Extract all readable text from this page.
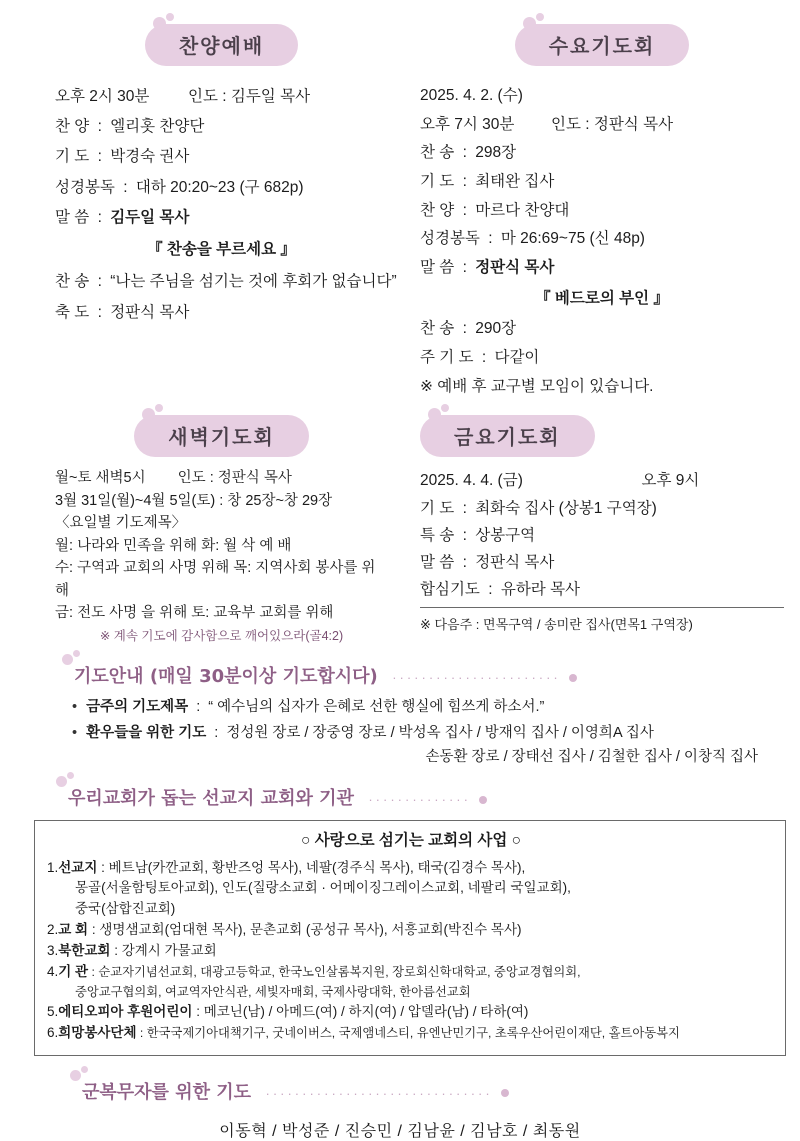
찬양예배
오후 2시 30분 인도 : 김두일 목사
찬 양 : 엘리홋 찬양단
기 도 : 박경숙 권사
성경봉독 : 대하 20:20~23 (구 682p)
말 씀 : 김두일 목사
『 찬송을 부르세요 』
찬 송 : “나는 주님을 섬기는 것에 후회가 없습니다”
축 도 : 정판식 목사
수요기도회
2025. 4. 2. (수)
오후 7시 30분 인도 : 정판식 목사
찬 송 : 298장
기 도 : 최태완 집사
찬 양 : 마르다 찬양대
성경봉독 : 마 26:69~75 (신 48p)
말 씀 : 정판식 목사
『 베드로의 부인 』
찬 송 : 290장
주 기 도 : 다같이
※ 예배 후 교구별 모임이 있습니다.
새벽기도회
월~토 새벽5시 인도 : 정판식 목사
3월 31일(월)~4월 5일(토) : 창 25장~창 29장
〈요일별 기도제목〉
월: 나라와 민족을 위해 화: 월 삭 예 배
수: 구역과 교회의 사명 위해 목: 지역사회 봉사를 위해
금: 전도 사명 을 위해 토: 교육부 교회를 위해
※ 계속 기도에 감사함으로 깨어있으라(골4:2)
금요기도회
2025. 4. 4. (금)	오후 9시
기 도 : 최화숙 집사 (상봉1 구역장)
특 송 : 상봉구역
말 씀 : 정판식 목사
합심기도 : 유하라 목사
※ 다음주 : 면목구역 / 송미란 집사(면목1 구역장)
기도안내 (매일 30분이상 기도합시다) ·······················
• 금주의 기도제목 : “ 예수님의 십자가 은혜로 선한 행실에 힘쓰게 하소서.”
• 환우들을 위한 기도 : 정성원 장로 / 장중영 장로 / 박성옥 집사 / 방재익 집사 / 이영희A 집사
손동환 장로 / 장태선 집사 / 김철한 집사 / 이창직 집사
우리교회가 돕는 선교지 교회와 기관 ··············
○ 사랑으로 섬기는 교회의 사업 ○
1.선교지 : 베트남(카깐교회, 황반즈엉 목사), 네팔(경주식 목사), 태국(김경수 목사),
몽골(서울함팅토아교회), 인도(질랑소교회 · 어메이징그레이스교회, 네팔리 국일교회),
중국(삼합진교회)
2.교 회 : 생명샘교회(엄대현 목사), 문촌교회 (공성규 목사), 서흥교회(박진수 목사)
3.북한교회 : 강계시 가물교회
4.기 관 : 순교자기념선교회, 대광고등학교, 한국노인살롬복지원, 장로회신학대학교, 중앙교경협의회,
중앙교구협의회, 여교역자안식관, 세빛자매회, 국제사랑대학, 한아름선교회
5.에티오피아 후원어린이 : 메코닌(남) / 아메드(여) / 하지(여) / 압델라(남) / 타하(여)
6.희망봉사단체 : 한국국제기아대책기구, 굿네이버스, 국제앰네스티, 유엔난민기구, 초록우산어린이재단, 홀트아동복지
군복무자를 위한 기도 ·······························
이동혁 / 박성준 / 진승민 / 김남윤 / 김남호 / 최동원
